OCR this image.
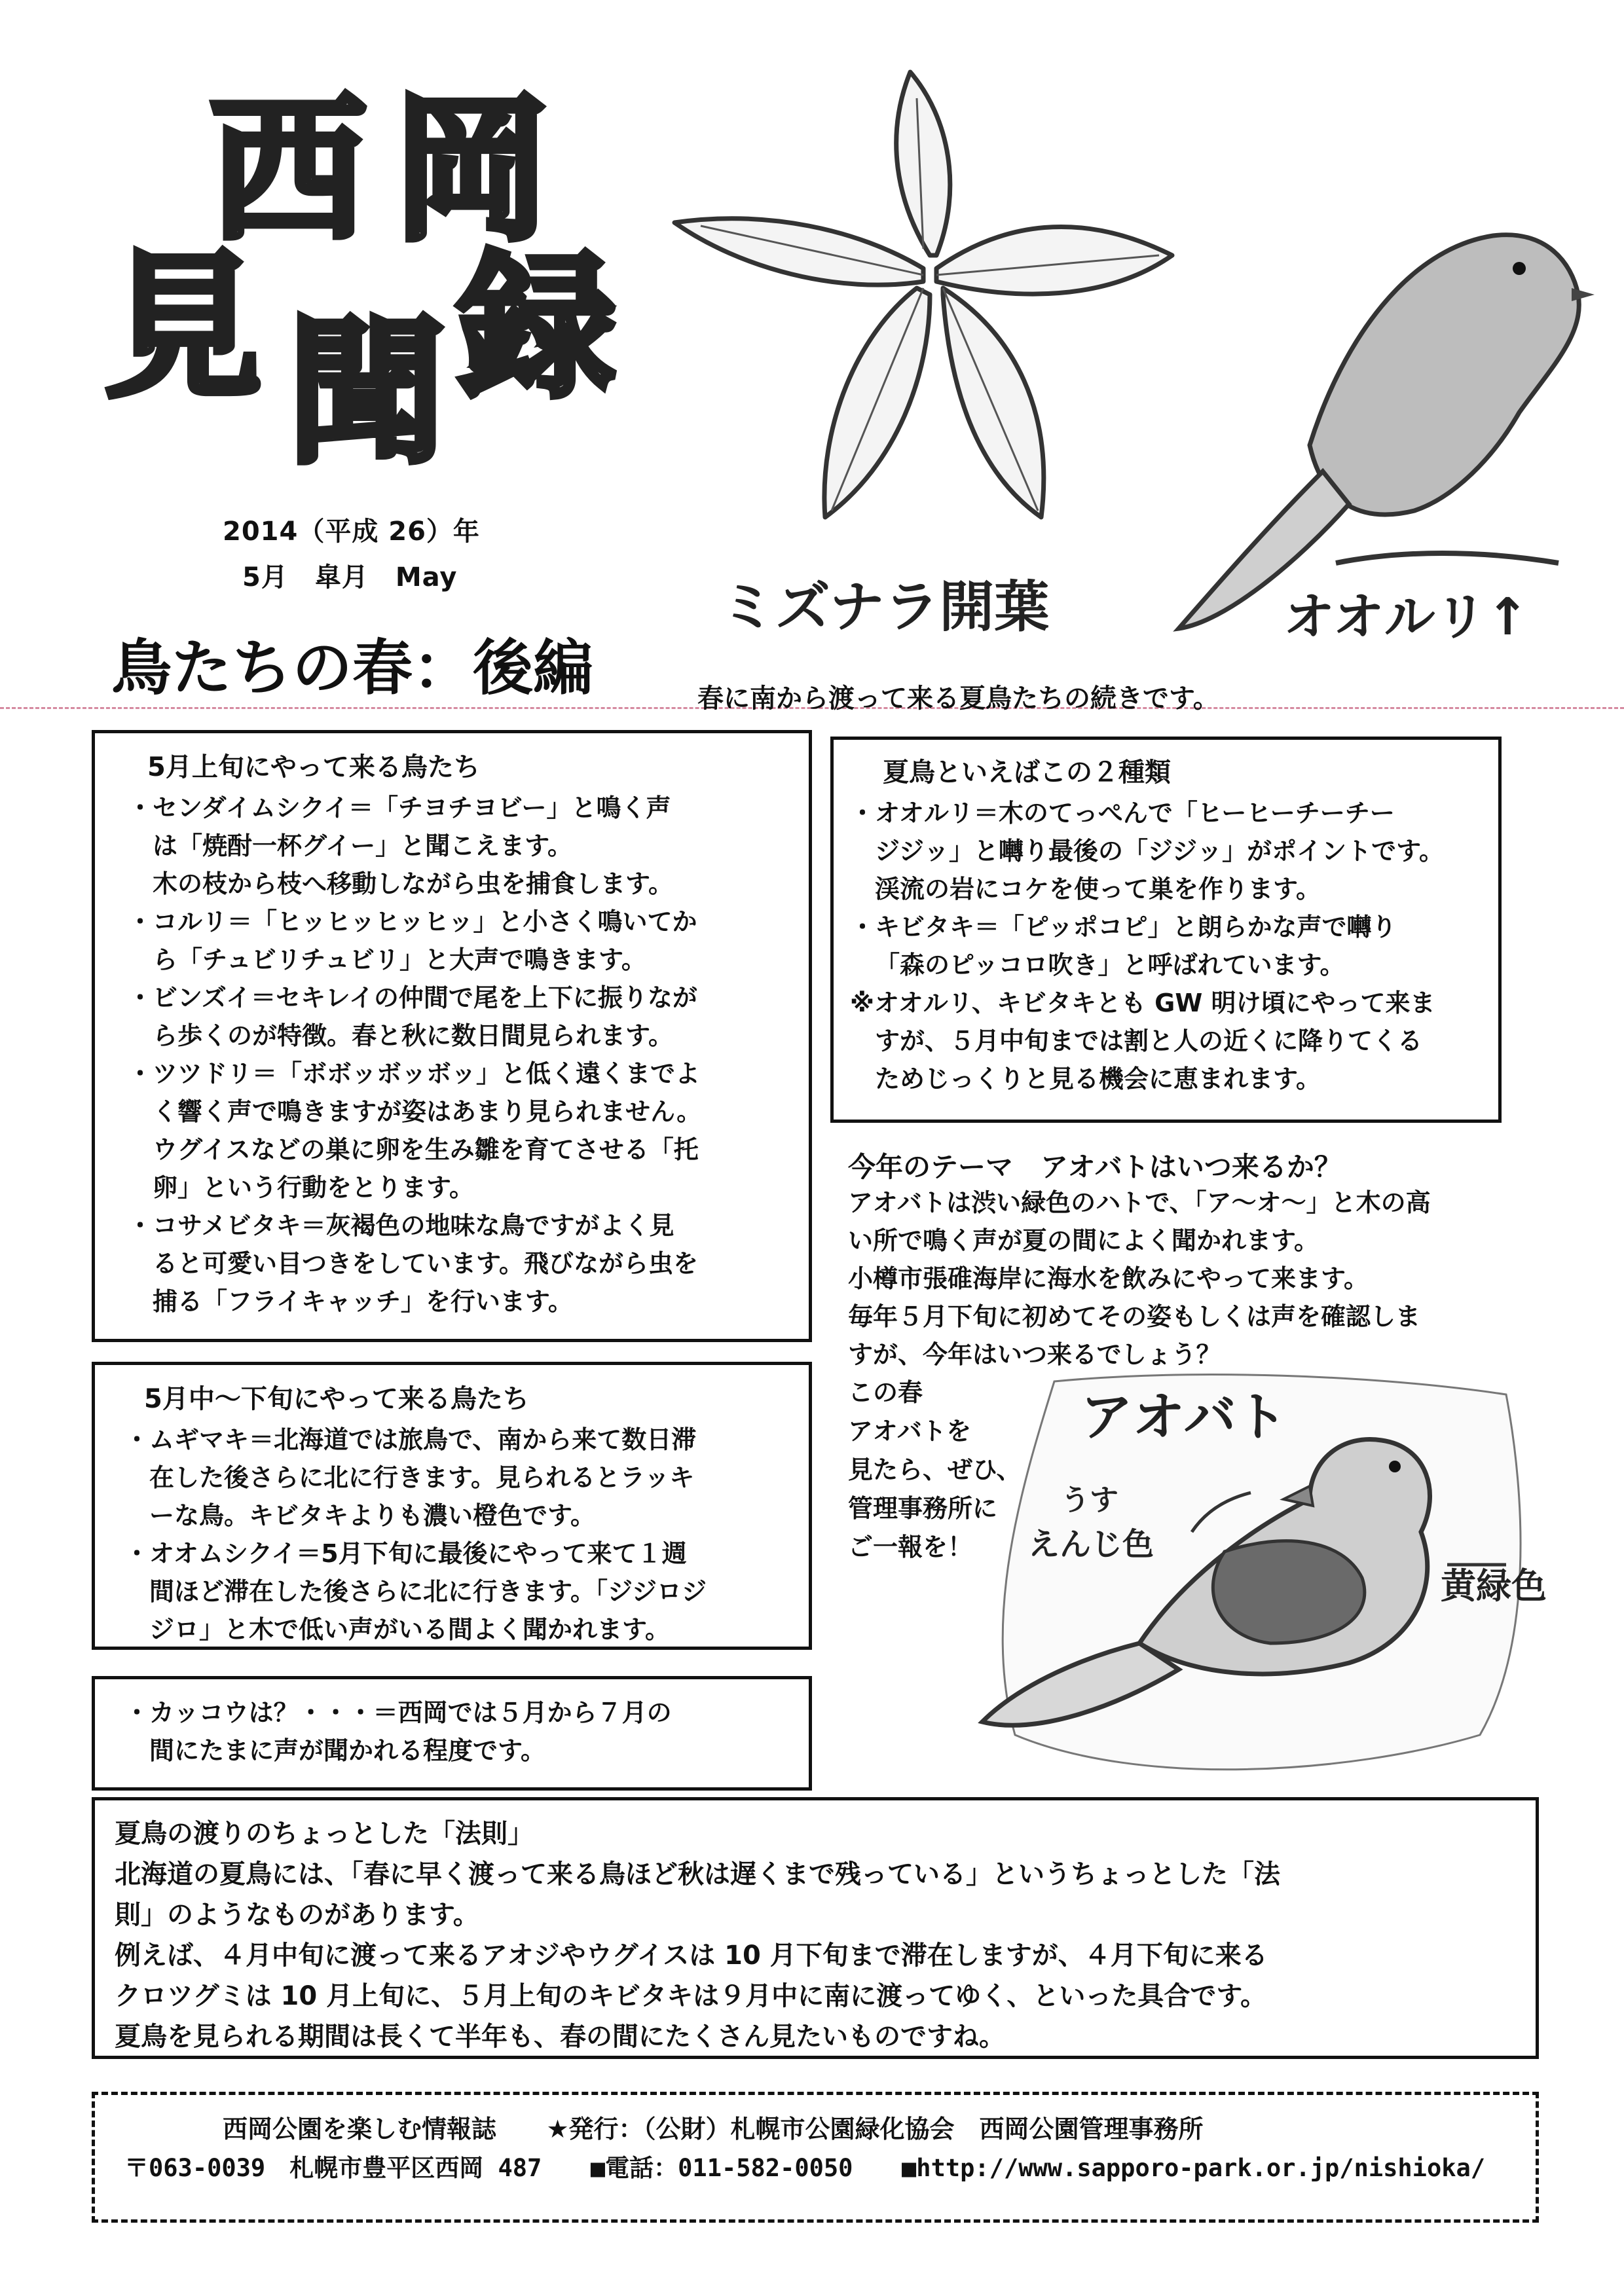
西 岡
見 聞 録
2014（平成 26）年
5月　皐月　May	ミズナラ開葉	オオルリ↑
鳥たちの春：後編	春に南から渡って来る夏鳥たちの続きです。
5月上旬にやって来る鳥たち

・センダイムシクイ＝「チヨチヨビー」と鳴く声

は「焼酎一杯グイー」と聞こえます。

木の枝から枝へ移動しながら虫を捕食します。

・コルリ＝「ヒッヒッヒッヒッ」と小さく鳴いてか

ら「チュビリチュビリ」と大声で鳴きます。

・ビンズイ＝セキレイの仲間で尾を上下に振りなが

ら歩くのが特徴。春と秋に数日間見られます。

・ツツドリ＝「ボボッボッボッ」と低く遠くまでよ

く響く声で鳴きますが姿はあまり見られません。

ウグイスなどの巣に卵を生み雛を育てさせる「托

卵」という行動をとります。

・コサメビタキ＝灰褐色の地味な鳥ですがよく見

ると可愛い目つきをしています。飛びながら虫を

捕る「フライキャッチ」を行います。

5月中～下旬にやって来る鳥たち

・ムギマキ＝北海道では旅鳥で、南から来て数日滞

在した後さらに北に行きます。見られるとラッキ

ーな鳥。キビタキよりも濃い橙色です。

・オオムシクイ＝5月下旬に最後にやって来て１週

間ほど滞在した後さらに北に行きます。「ジジロジ

ジロ」と木で低い声がいる間よく聞かれます。

・カッコウは？・・・＝西岡では５月から７月の

間にたまに声が聞かれる程度です。

夏鳥といえばこの２種類

・オオルリ＝木のてっぺんで「ヒーヒーチーチー

ジジッ」と囀り最後の「ジジッ」がポイントです。

渓流の岩にコケを使って巣を作ります。

・キビタキ＝「ピッポコピ」と朗らかな声で囀り

「森のピッコロ吹き」と呼ばれています。

※オオルリ、キビタキとも GW 明け頃にやって来ま

すが、５月中旬までは割と人の近くに降りてくる

ためじっくりと見る機会に恵まれます。

今年のテーマ　アオバトはいつ来るか？

アオバトは渋い緑色のハトで、「ア～オ～」と木の高

い所で鳴く声が夏の間によく聞かれます。

小樽市張碓海岸に海水を飲みにやって来ます。

毎年５月下旬に初めてその姿もしくは声を確認しま

すが、今年はいつ来るでしょう？

この春

アオバトを

見たら、ぜひ、

管理事務所に

ご一報を！

アオバト
うす
えんじ色
黄緑色

夏鳥の渡りのちょっとした「法則」

北海道の夏鳥には、「春に早く渡って来る鳥ほど秋は遅くまで残っている」というちょっとした「法

則」のようなものがあります。

例えば、４月中旬に渡って来るアオジやウグイスは 10 月下旬まで滞在しますが、４月下旬に来る

クロツグミは 10 月上旬に、５月上旬のキビタキは９月中に南に渡ってゆく、といった具合です。

夏鳥を見られる期間は長くて半年も、春の間にたくさん見たいものですね。

西岡公園を楽しむ情報誌 ★発行：（公財）札幌市公園緑化協会　西岡公園管理事務所
〒063-0039　札幌市豊平区西岡 487 ■電話：011-582-0050 ■http://www.sapporo-park.or.jp/nishioka/
